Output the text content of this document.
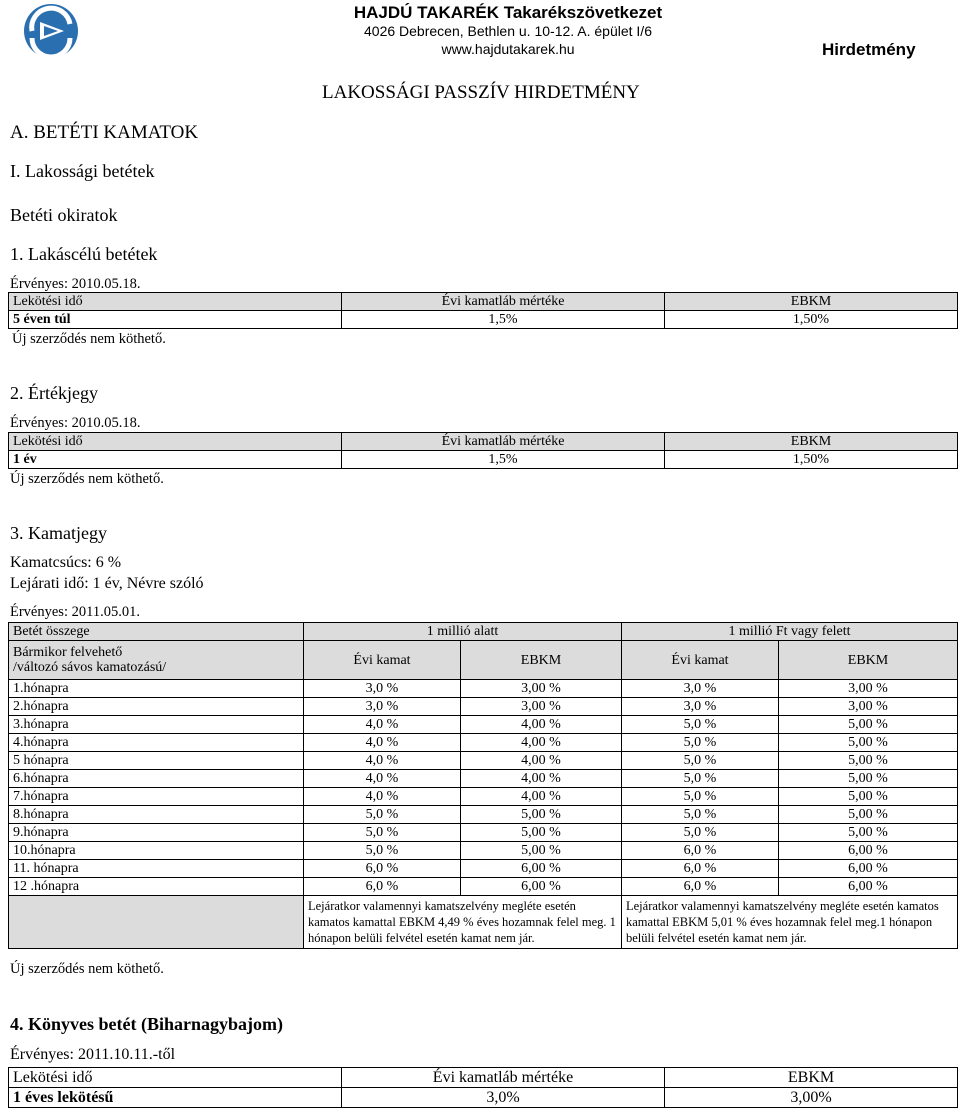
HAJDÚ TAKARÉK Takarékszövetkezet
4026 Debrecen, Bethlen u. 10-12. A. épület I/6
www.hajdutakarek.hu	Hirdetmény
LAKOSSÁGI PASSZÍV HIRDETMÉNY
A. BETÉTI KAMATOK
I. Lakossági betétek
Betéti okiratok
1. Lakáscélú betétek
Érvényes: 2010.05.18.
Lekötési idő	Évi kamatláb mértéke	EBKM
5 éven túl	1,5%	1,50%
Új szerződés nem köthető.
2. Értékjegy
Érvényes: 2010.05.18.
Lekötési idő	Évi kamatláb mértéke	EBKM
1 év	1,5%	1,50%
Új szerződés nem köthető.
3. Kamatjegy
Kamatcsúcs: 6 %
Lejárati idő: 1 év, Névre szóló
Érvényes: 2011.05.01.
Betét összege	1 millió alatt		1 millió Ft vagy felett	

Bármikor felvehető
/változó sávos kamatozású/	Évi kamat	EBKM	Évi kamat	EBKM
1.hónapra	3,0 %	3,00 %	3,0 %	3,00 %
2.hónapra	3,0 %	3,00 %	3,0 %	3,00 %
3.hónapra	4,0 %	4,00 %	5,0 %	5,00 %
4.hónapra	4,0 %	4,00 %	5,0 %	5,00 %
5 hónapra	4,0 %	4,00 %	5,0 %	5,00 %
6.hónapra	4,0 %	4,00 %	5,0 %	5,00 %
7.hónapra	4,0 %	4,00 %	5,0 %	5,00 %
8.hónapra	5,0 %	5,00 %	5,0 %	5,00 %
9.hónapra	5,0 %	5,00 %	5,0 %	5,00 %
10.hónapra	5,0 %	5,00 %	6,0 %	6,00 %
11. hónapra	6,0 %	6,00 %	6,0 %	6,00 %
12 .hónapra	6,0 %	6,00 %	6,0 %	6,00 %
	Lejáratkor valamennyi kamatszelvény megléte esetén kamatos kamattal EBKM 4,49 % éves hozamnak felel meg. 1 hónapon belüli felvétel esetén kamat nem jár.		Lejáratkor valamennyi kamatszelvény megléte esetén kamatos kamattal EBKM 5,01 % éves hozamnak felel meg.1 hónapon belüli felvétel esetén kamat nem jár.	
Új szerződés nem köthető.
4. Könyves betét (Biharnagybajom)
Érvényes: 2011.10.11.-től
Lekötési idő	Évi kamatláb mértéke	EBKM
1 éves lekötésű	3,0%	3,00%
